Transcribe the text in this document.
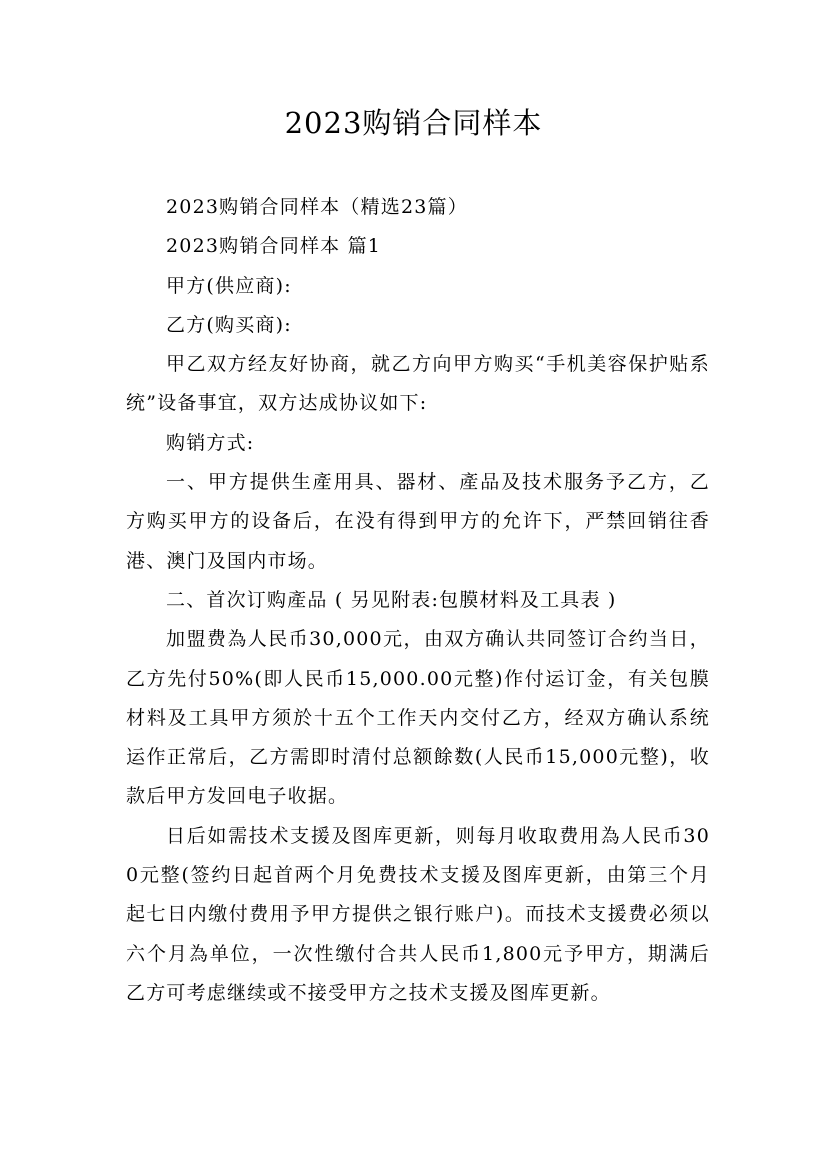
2023购销合同样本

2023购销合同样本（精选23篇）

2023购销合同样本 篇1

甲方(供应商):

乙方(购买商):

甲乙双方经友好协商，就乙方向甲方购买“手机美容保护贴系统”设备事宜，双方达成协议如下:

购销方式:

一、甲方提供生產用具、器材、產品及技术服务予乙方，乙方购买甲方的设备后，在没有得到甲方的允许下，严禁回销往香港、澳门及国内市场。

二、首次订购產品 ( 另见附表:包膜材料及工具表 )

加盟费為人民币30,000元，由双方确认共同签订合约当日，乙方先付50%(即人民币15,000.00元整)作付运订金，有关包膜材料及工具甲方须於十五个工作天内交付乙方，经双方确认系统运作正常后，乙方需即时清付总额餘数(人民币15,000元整)，收款后甲方发回电子收据。

日后如需技术支援及图库更新，则每月收取费用為人民币300元整(签约日起首两个月免费技术支援及图库更新，由第三个月起七日内缴付费用予甲方提供之银行账户)。而技术支援费必须以六个月為单位，一次性缴付合共人民币1,800元予甲方，期满后乙方可考虑继续或不接受甲方之技术支援及图库更新。
